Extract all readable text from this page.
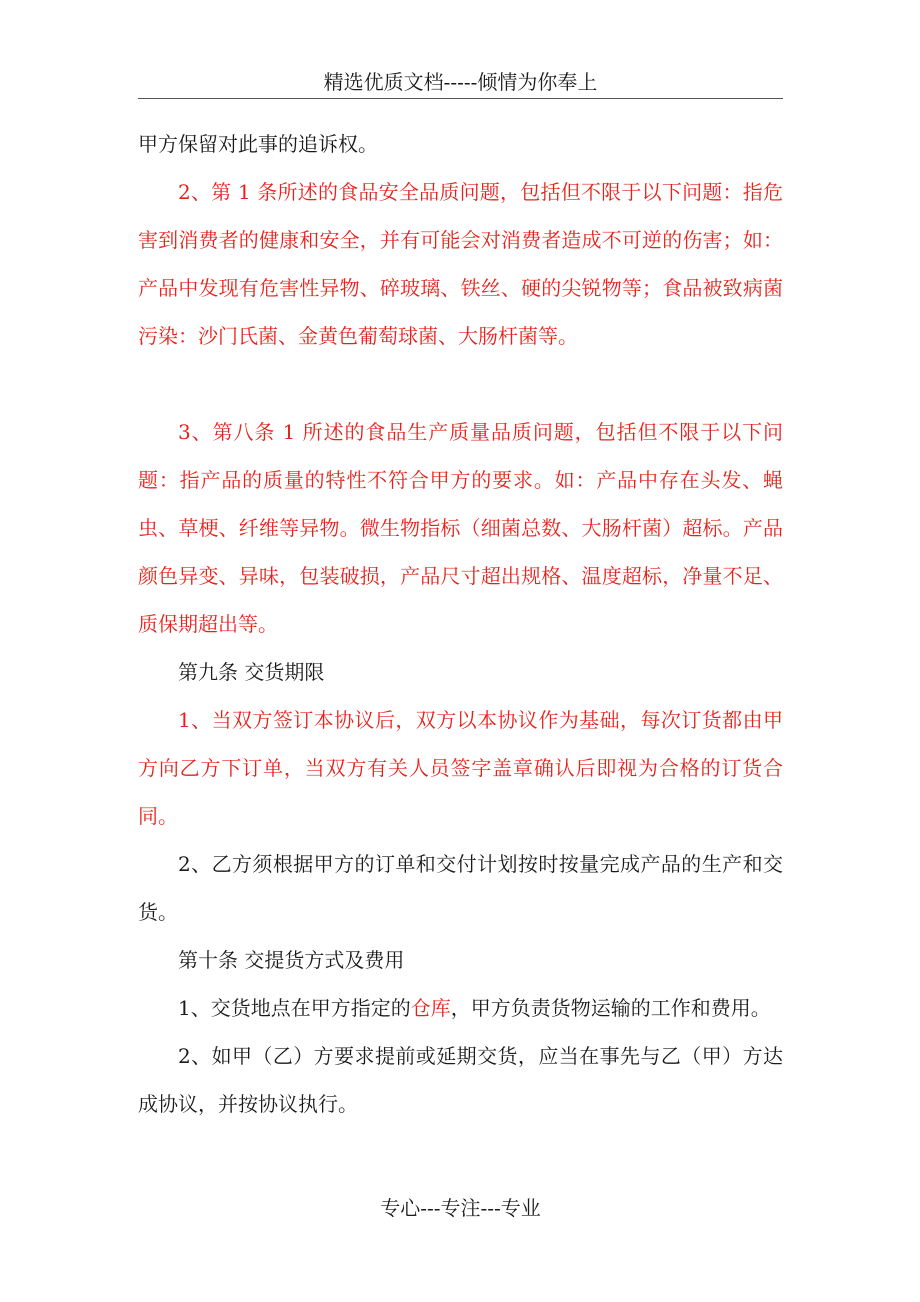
精选优质文档-----倾情为你奉上

甲方保留对此事的追诉权。

2、第 1 条所述的食品安全品质问题，包括但不限于以下问题：指危害到消费者的健康和安全，并有可能会对消费者造成不可逆的伤害；如：产品中发现有危害性异物、碎玻璃、铁丝、硬的尖锐物等；食品被致病菌污染：沙门氏菌、金黄色葡萄球菌、大肠杆菌等。

3、第八条 1 所述的食品生产质量品质问题，包括但不限于以下问题：指产品的质量的特性不符合甲方的要求。如：产品中存在头发、蝇虫、草梗、纤维等异物。微生物指标（细菌总数、大肠杆菌）超标。产品颜色异变、异味，包装破损，产品尺寸超出规格、温度超标，净量不足、质保期超出等。

第九条 交货期限

1、当双方签订本协议后，双方以本协议作为基础，每次订货都由甲方向乙方下订单，当双方有关人员签字盖章确认后即视为合格的订货合同。

2、乙方须根据甲方的订单和交付计划按时按量完成产品的生产和交货。

第十条 交提货方式及费用

1、交货地点在甲方指定的仓库，甲方负责货物运输的工作和费用。

2、如甲（乙）方要求提前或延期交货，应当在事先与乙（甲）方达成协议，并按协议执行。

专心---专注---专业
